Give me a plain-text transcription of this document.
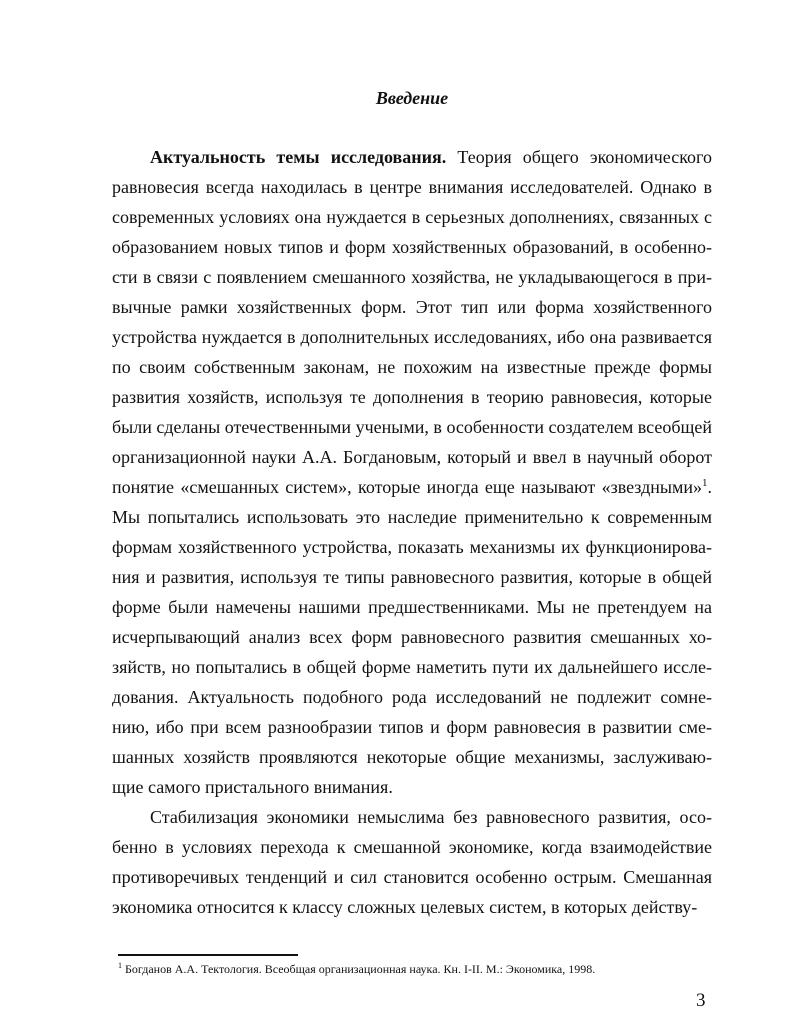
Введение
Актуальность темы исследования. Теория общего экономического
равновесия всегда находилась в центре внимания исследователей. Однако в
современных условиях она нуждается в серьезных дополнениях, связанных с
образованием новых типов и форм хозяйственных образований, в особенно-
сти в связи с появлением смешанного хозяйства, не укладывающегося в при-
вычные рамки хозяйственных форм. Этот тип или форма хозяйственного
устройства нуждается в дополнительных исследованиях, ибо она развивается
по своим собственным законам, не похожим на известные прежде формы
развития хозяйств, используя те дополнения в теорию равновесия, которые
были сделаны отечественными учеными, в особенности создателем всеобщей
организационной науки А.А. Богдановым, который и ввел в научный оборот
понятие «смешанных систем», которые иногда еще называют «звездными»$^1$.
Мы попытались использовать это наследие применительно к современным
формам хозяйственного устройства, показать механизмы их функционирова-
ния и развития, используя те типы равновесного развития, которые в общей
форме были намечены нашими предшественниками. Мы не претендуем на
исчерпывающий анализ всех форм равновесного развития смешанных хо-
зяйств, но попытались в общей форме наметить пути их дальнейшего иссле-
дования. Актуальность подобного рода исследований не подлежит сомне-
нию, ибо при всем разнообразии типов и форм равновесия в развитии сме-
шанных хозяйств проявляются некоторые общие механизмы, заслуживаю-
щие самого пристального внимания.
Стабилизация экономики немыслима без равновесного развития, осо-
бенно в условиях перехода к смешанной экономике, когда взаимодействие
противоречивых тенденций и сил становится особенно острым. Смешанная
экономика относится к классу сложных целевых систем, в которых действу-
$^1$ Богданов А.А. Тектология. Всеобщая организационная наука. Кн. I-II. М.: Экономика, 1998.
3
